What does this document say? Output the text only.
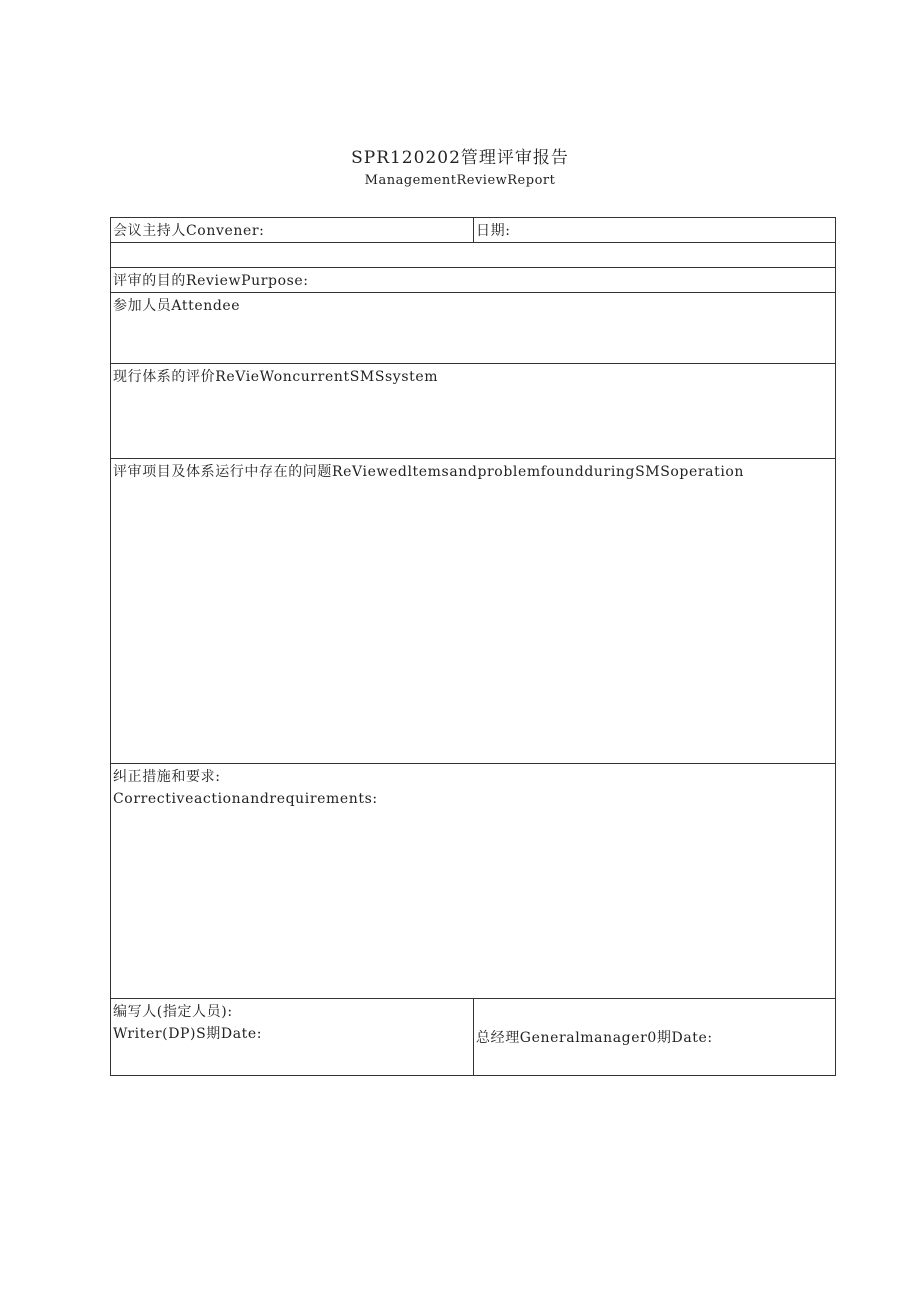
SPR120202管理评审报告
ManagementReviewReport
会议主持人Convener:	日期:

评审的目的ReviewPurpose:	
参加人员Attendee	
现行体系的评价ReVieWoncurrentSMSsystem	
评审项目及体系运行中存在的问题ReViewedltemsandproblemfoundduringSMSoperation	

纠正措施和要求:
Correctiveactionandrequirements:	

编写人(指定人员):
Writer(DP)S期Date:	总经理Generalmanager0期Date:
